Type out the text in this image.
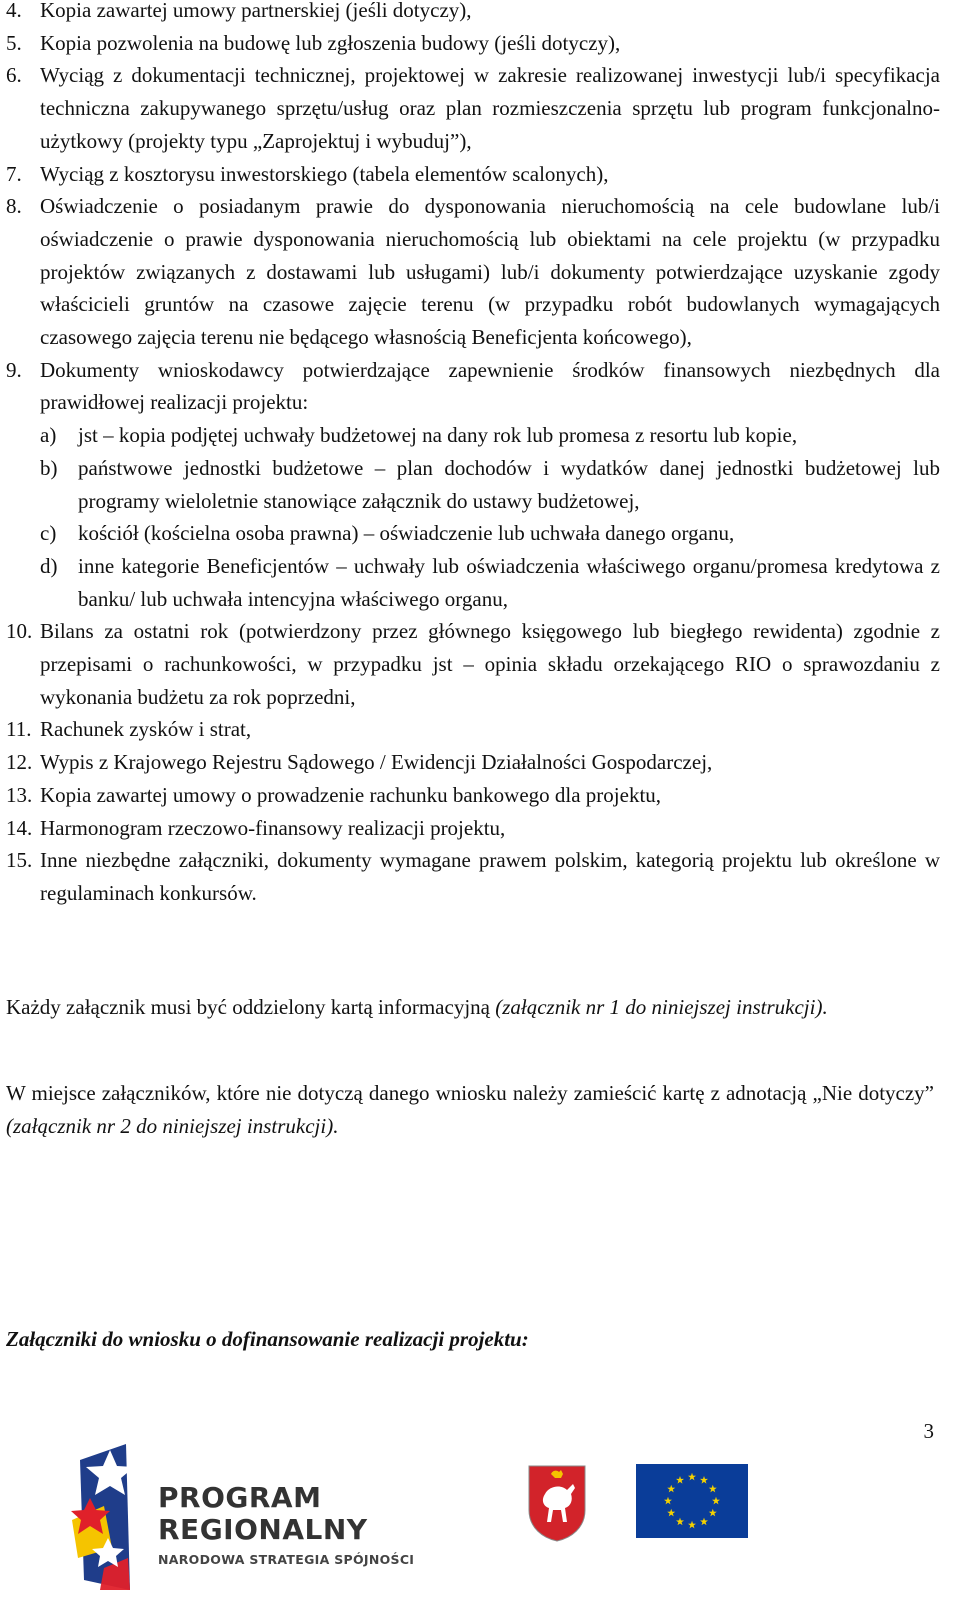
4. Kopia zawartej umowy partnerskiej (jeśli dotyczy),
5. Kopia pozwolenia na budowę lub zgłoszenia budowy (jeśli dotyczy),
6. Wyciąg z dokumentacji technicznej, projektowej w zakresie realizowanej inwestycji lub/i specyfikacja techniczna zakupywanego sprzętu/usług oraz plan rozmieszczenia sprzętu lub program funkcjonalno-użytkowy (projekty typu „Zaprojektuj i wybuduj”),
7. Wyciąg z kosztorysu inwestorskiego (tabela elementów scalonych),
8. Oświadczenie o posiadanym prawie do dysponowania nieruchomością na cele budowlane lub/i oświadczenie o prawie dysponowania nieruchomością lub obiektami na cele projektu (w przypadku projektów związanych z dostawami lub usługami) lub/i dokumenty potwierdzające uzyskanie zgody właścicieli gruntów na czasowe zajęcie terenu (w przypadku robót budowlanych wymagających czasowego zajęcia terenu nie będącego własnością Beneficjenta końcowego),
9. Dokumenty wnioskodawcy potwierdzające zapewnienie środków finansowych niezbędnych dla prawidłowej realizacji projektu:
a) jst – kopia podjętej uchwały budżetowej na dany rok lub promesa z resortu lub kopie,
b) państwowe jednostki budżetowe – plan dochodów i wydatków danej jednostki budżetowej lub programy wieloletnie stanowiące załącznik do ustawy budżetowej,
c) kościół (kościelna osoba prawna) – oświadczenie lub uchwała danego organu,
d) inne kategorie Beneficjentów – uchwały lub oświadczenia właściwego organu/promesa kredytowa z banku/ lub uchwała intencyjna właściwego organu,
10. Bilans za ostatni rok (potwierdzony przez głównego księgowego lub biegłego rewidenta) zgodnie z przepisami o rachunkowości, w przypadku jst – opinia składu orzekającego RIO o sprawozdaniu z wykonania budżetu za rok poprzedni,
11. Rachunek zysków i strat,
12. Wypis z Krajowego Rejestru Sądowego / Ewidencji Działalności Gospodarczej,
13. Kopia zawartej umowy o prowadzenie rachunku bankowego dla projektu,
14. Harmonogram rzeczowo-finansowy realizacji projektu,
15. Inne niezbędne załączniki, dokumenty wymagane prawem polskim, kategorią projektu lub określone w regulaminach konkursów.
Każdy załącznik musi być oddzielony kartą informacyjną (załącznik nr 1 do niniejszej instrukcji).
W miejsce załączników, które nie dotyczą danego wniosku należy zamieścić kartę z adnotacją „Nie dotyczy” (załącznik nr 2 do niniejszej instrukcji).
Załączniki do wniosku o dofinansowanie realizacji projektu:
3
PROGRAM REGIONALNY
NARODOWA STRATEGIA SPÓJNOŚCI
